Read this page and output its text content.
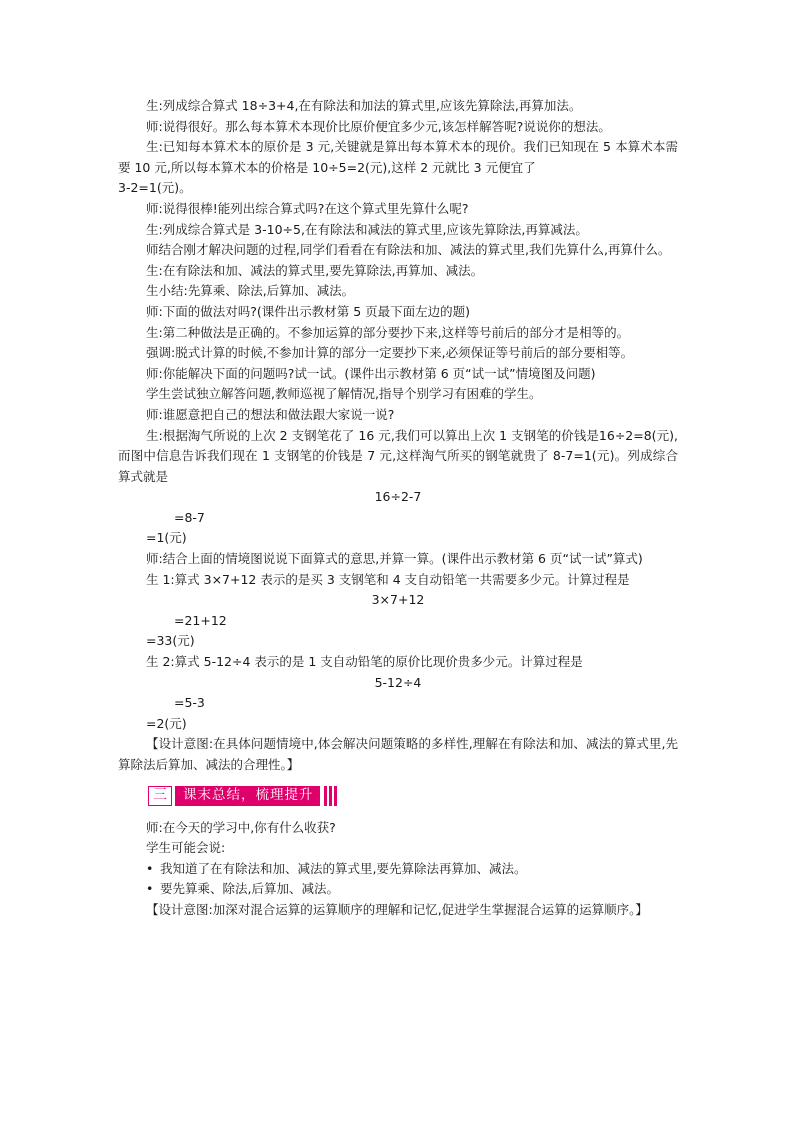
生:列成综合算式 18÷3+4,在有除法和加法的算式里,应该先算除法,再算加法。

师:说得很好。那么每本算术本现价比原价便宜多少元,该怎样解答呢?说说你的想法。

生:已知每本算术本的原价是 3 元,关键就是算出每本算术本的现价。我们已知现在 5 本算术本需要 10 元,所以每本算术本的价格是 10÷5=2(元),这样 2 元就比 3 元便宜了

3-2=1(元)。

师:说得很棒!能列出综合算式吗?在这个算式里先算什么呢?

生:列成综合算式是 3-10÷5,在有除法和减法的算式里,应该先算除法,再算减法。

师结合刚才解决问题的过程,同学们看看在有除法和加、减法的算式里,我们先算什么,再算什么。

生:在有除法和加、减法的算式里,要先算除法,再算加、减法。

生小结:先算乘、除法,后算加、减法。

师:下面的做法对吗?(课件出示教材第 5 页最下面左边的题)

生:第二种做法是正确的。不参加运算的部分要抄下来,这样等号前后的部分才是相等的。

强调:脱式计算的时候,不参加计算的部分一定要抄下来,必须保证等号前后的部分要相等。

师:你能解决下面的问题吗?试一试。(课件出示教材第 6 页“试一试”情境图及问题)

学生尝试独立解答问题,教师巡视了解情况,指导个别学习有困难的学生。

师:谁愿意把自己的想法和做法跟大家说一说?

生:根据淘气所说的上次 2 支钢笔花了 16 元,我们可以算出上次 1 支钢笔的价钱是16÷2=8(元),而图中信息告诉我们现在 1 支钢笔的价钱是 7 元,这样淘气所买的钢笔就贵了 8-7=1(元)。列成综合算式就是

16÷2-7

=8-7

=1(元)

师:结合上面的情境图说说下面算式的意思,并算一算。(课件出示教材第 6 页“试一试”算式)

生 1:算式 3×7+12 表示的是买 3 支钢笔和 4 支自动铅笔一共需要多少元。计算过程是

3×7+12

=21+12

=33(元)

生 2:算式 5-12÷4 表示的是 1 支自动铅笔的原价比现价贵多少元。计算过程是

5-12÷4

=5-3

=2(元)

【设计意图:在具体问题情境中,体会解决问题策略的多样性,理解在有除法和加、减法的算式里,先算除法后算加、减法的合理性。】

三	课末总结，梳理提升

师:在今天的学习中,你有什么收获?

学生可能会说:

• 我知道了在有除法和加、减法的算式里,要先算除法再算加、减法。

• 要先算乘、除法,后算加、减法。

【设计意图:加深对混合运算的运算顺序的理解和记忆,促进学生掌握混合运算的运算顺序。】
